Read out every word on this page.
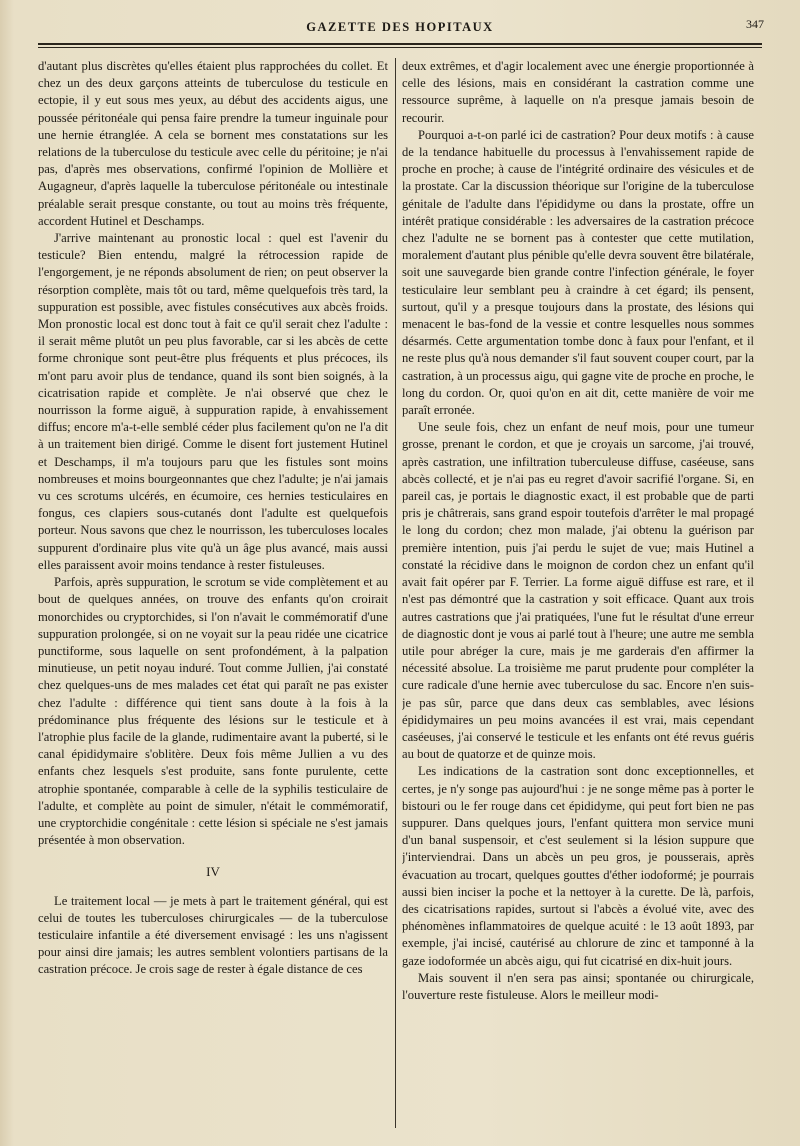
GAZETTE DES HOPITAUX	347

d'autant plus discrètes qu'elles étaient plus rapprochées du collet. Et chez un des deux garçons atteints de tuberculose du testicule en ectopie, il y eut sous mes yeux, au début des accidents aigus, une poussée péritonéale qui pensa faire prendre la tumeur inguinale pour une hernie étranglée. A cela se bornent mes constatations sur les relations de la tuberculose du testicule avec celle du péritoine; je n'ai pas, d'après mes observations, confirmé l'opinion de Mollière et Augagneur, d'après laquelle la tuberculose péritonéale ou intestinale préalable serait presque constante, ou tout au moins très fréquente, accordent Hutinel et Deschamps.

J'arrive maintenant au pronostic local : quel est l'avenir du testicule? Bien entendu, malgré la rétrocession rapide de l'engorgement, je ne réponds absolument de rien; on peut observer la résorption complète, mais tôt ou tard, même quelquefois très tard, la suppuration est possible, avec fistules consécutives aux abcès froids. Mon pronostic local est donc tout à fait ce qu'il serait chez l'adulte : il serait même plutôt un peu plus favorable, car si les abcès de cette forme chronique sont peut-être plus fréquents et plus précoces, ils m'ont paru avoir plus de tendance, quand ils sont bien soignés, à la cicatrisation rapide et complète. Je n'ai observé que chez le nourrisson la forme aiguë, à suppuration rapide, à envahissement diffus; encore m'a-t-elle semblé céder plus facilement qu'on ne l'a dit à un traitement bien dirigé. Comme le disent fort justement Hutinel et Deschamps, il m'a toujours paru que les fistules sont moins nombreuses et moins bourgeonnantes que chez l'adulte; je n'ai jamais vu ces scrotums ulcérés, en écumoire, ces hernies testiculaires en fongus, ces clapiers sous-cutanés dont l'adulte est quelquefois porteur. Nous savons que chez le nourrisson, les tuberculoses locales suppurent d'ordinaire plus vite qu'à un âge plus avancé, mais aussi elles paraissent avoir moins tendance à rester fistuleuses.

Parfois, après suppuration, le scrotum se vide complètement et au bout de quelques années, on trouve des enfants qu'on croirait monorchides ou cryptorchides, si l'on n'avait le commémoratif d'une suppuration prolongée, si on ne voyait sur la peau ridée une cicatrice punctiforme, sous laquelle on sent profondément, à la palpation minutieuse, un petit noyau induré. Tout comme Jullien, j'ai constaté chez quelques-uns de mes malades cet état qui paraît ne pas exister chez l'adulte : différence qui tient sans doute à la fois à la prédominance plus fréquente des lésions sur le testicule et à l'atrophie plus facile de la glande, rudimentaire avant la puberté, si le canal épididymaire s'oblitère. Deux fois même Jullien a vu des enfants chez lesquels s'est produite, sans fonte purulente, cette atrophie spontanée, comparable à celle de la syphilis testiculaire de l'adulte, et complète au point de simuler, n'était le commémoratif, une cryptorchidie congénitale : cette lésion si spéciale ne s'est jamais présentée à mon observation.

IV

Le traitement local — je mets à part le traitement général, qui est celui de toutes les tuberculoses chirurgicales — de la tuberculose testiculaire infantile a été diversement envisagé : les uns n'agissent pour ainsi dire jamais; les autres semblent volontiers partisans de la castration précoce. Je crois sage de rester à égale distance de ces

deux extrêmes, et d'agir localement avec une énergie proportionnée à celle des lésions, mais en considérant la castration comme une ressource suprême, à laquelle on n'a presque jamais besoin de recourir.

Pourquoi a-t-on parlé ici de castration? Pour deux motifs : à cause de la tendance habituelle du processus à l'envahissement rapide de proche en proche; à cause de l'intégrité ordinaire des vésicules et de la prostate. Car la discussion théorique sur l'origine de la tuberculose génitale de l'adulte dans l'épididyme ou dans la prostate, offre un intérêt pratique considérable : les adversaires de la castration précoce chez l'adulte ne se bornent pas à contester que cette mutilation, moralement d'autant plus pénible qu'elle devra souvent être bilatérale, soit une sauvegarde bien grande contre l'infection générale, le foyer testiculaire leur semblant peu à craindre à cet égard; ils pensent, surtout, qu'il y a presque toujours dans la prostate, des lésions qui menacent le bas-fond de la vessie et contre lesquelles nous sommes désarmés. Cette argumentation tombe donc à faux pour l'enfant, et il ne reste plus qu'à nous demander s'il faut souvent couper court, par la castration, à un processus aigu, qui gagne vite de proche en proche, le long du cordon. Or, quoi qu'on en ait dit, cette manière de voir me paraît erronée.

Une seule fois, chez un enfant de neuf mois, pour une tumeur grosse, prenant le cordon, et que je croyais un sarcome, j'ai trouvé, après castration, une infiltration tuberculeuse diffuse, caséeuse, sans abcès collecté, et je n'ai pas eu regret d'avoir sacrifié l'organe. Si, en pareil cas, je portais le diagnostic exact, il est probable que de parti pris je châtrerais, sans grand espoir toutefois d'arrêter le mal propagé le long du cordon; chez mon malade, j'ai obtenu la guérison par première intention, puis j'ai perdu le sujet de vue; mais Hutinel a constaté la récidive dans le moignon de cordon chez un enfant qu'il avait fait opérer par F. Terrier. La forme aiguë diffuse est rare, et il n'est pas démontré que la castration y soit efficace. Quant aux trois autres castrations que j'ai pratiquées, l'une fut le résultat d'une erreur de diagnostic dont je vous ai parlé tout à l'heure; une autre me sembla utile pour abréger la cure, mais je me garderais d'en affirmer la nécessité absolue. La troisième me parut prudente pour compléter la cure radicale d'une hernie avec tuberculose du sac. Encore n'en suis-je pas sûr, parce que dans deux cas semblables, avec lésions épididymaires un peu moins avancées il est vrai, mais cependant caséeuses, j'ai conservé le testicule et les enfants ont été revus guéris au bout de quatorze et de quinze mois.

Les indications de la castration sont donc exceptionnelles, et certes, je n'y songe pas aujourd'hui : je ne songe même pas à porter le bistouri ou le fer rouge dans cet épididyme, qui peut fort bien ne pas suppurer. Dans quelques jours, l'enfant quittera mon service muni d'un banal suspensoir, et c'est seulement si la lésion suppure que j'interviendrai. Dans un abcès un peu gros, je pousserais, après évacuation au trocart, quelques gouttes d'éther iodoformé; je pourrais aussi bien inciser la poche et la nettoyer à la curette. De là, parfois, des cicatrisations rapides, surtout si l'abcès a évolué vite, avec des phénomènes inflammatoires de quelque acuité : le 13 août 1893, par exemple, j'ai incisé, cautérisé au chlorure de zinc et tamponné à la gaze iodoformée un abcès aigu, qui fut cicatrisé en dix-huit jours.

Mais souvent il n'en sera pas ainsi; spontanée ou chirurgicale, l'ouverture reste fistuleuse. Alors le meilleur modi-
